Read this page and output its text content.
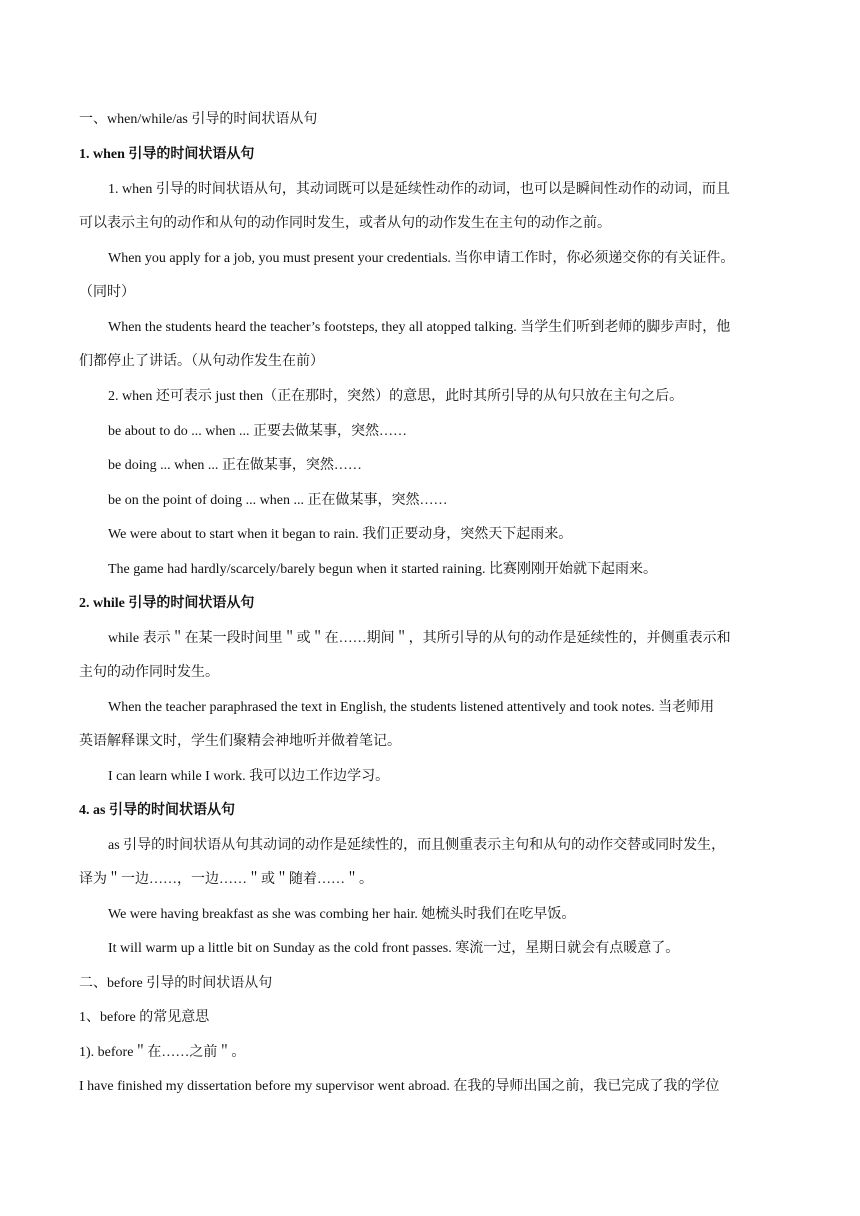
一、when/while/as 引导的时间状语从句
1. when 引导的时间状语从句
1. when 引导的时间状语从句，其动词既可以是延续性动作的动词，也可以是瞬间性动作的动词，而且
可以表示主句的动作和从句的动作同时发生，或者从句的动作发生在主句的动作之前。
When you apply for a job, you must present your credentials. 当你申请工作时，你必须递交你的有关证件。
（同时）
When the students heard the teacher’s footsteps, they all atopped talking. 当学生们听到老师的脚步声时，他
们都停止了讲话。（从句动作发生在前）
2. when 还可表示 just then（正在那时，突然）的意思，此时其所引导的从句只放在主句之后。
be about to do ... when ... 正要去做某事，突然……
be doing ... when ... 正在做某事，突然……
be on the point of doing ... when ... 正在做某事，突然……
We were about to start when it began to rain. 我们正要动身，突然天下起雨来。
The game had hardly/scarcely/barely begun when it started raining. 比赛刚刚开始就下起雨来。
2. while 引导的时间状语从句
while 表示＂在某一段时间里＂或＂在……期间＂，其所引导的从句的动作是延续性的，并侧重表示和
主句的动作同时发生。
When the teacher paraphrased the text in English, the students listened attentively and took notes. 当老师用
英语解释课文时，学生们聚精会神地听并做着笔记。
I can learn while I work. 我可以边工作边学习。
4. as 引导的时间状语从句
as 引导的时间状语从句其动词的动作是延续性的，而且侧重表示主句和从句的动作交替或同时发生，
译为＂一边……，一边……＂或＂随着……＂。
We were having breakfast as she was combing her hair. 她梳头时我们在吃早饭。
It will warm up a little bit on Sunday as the cold front passes. 寒流一过，星期日就会有点暖意了。
二、before 引导的时间状语从句
1、before 的常见意思
1). before＂在……之前＂。
I have finished my dissertation before my supervisor went abroad. 在我的导师出国之前，我已完成了我的学位
